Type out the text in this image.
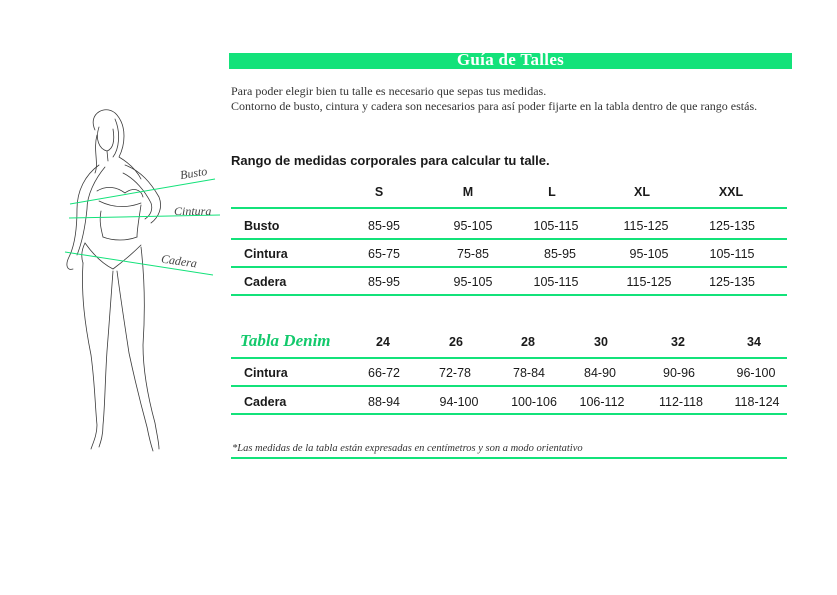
Guía de Talles

Para poder elegir bien tu talle es necesario que sepas tus medidas.

Contorno de busto, cintura y cadera son necesarios para así poder fijarte en la tabla dentro de que rango estás.

Busto
Cintura
Cadera
Rango de medidas corporales para calcular tu talle.
S	M	L	XL	XXL
Busto	85-95	95-105	105-115	115-125	125-135
Cintura	65-75	75-85	85-95	95-105	105-115
Cadera	85-95	95-105	105-115	115-125	125-135
Tabla Denim	24	26	28	30	32	34
Cintura	66-72	72-78	78-84	84-90	90-96	96-100
Cadera	88-94	94-100	100-106 106-112	112-118	118-124
*Las medidas de la tabla están expresadas en centímetros y son a modo orientativo
